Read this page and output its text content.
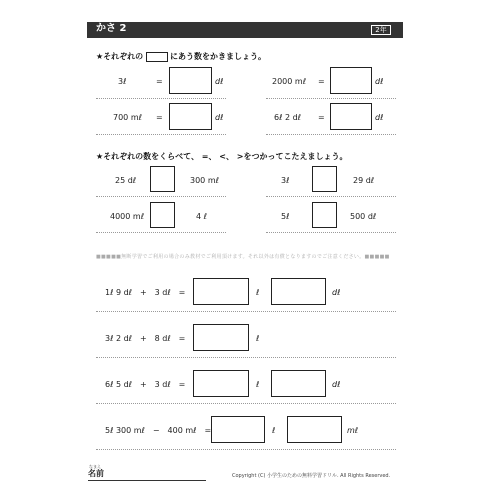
かさ 2	2年
★それぞれの	にあう数をかきましょう。
3ℓ	=	dℓ	2000 mℓ =	dℓ
700 mℓ =	dℓ	6ℓ 2 dℓ =	dℓ
★それぞれの数をくらべて、 =、 <、 >をつかってこたえましょう。
25 dℓ	300 mℓ	3ℓ	29 dℓ
4000 mℓ	4 ℓ	5ℓ	500 dℓ
■■■■■無断学習でご利用の場合のみ教材でご利用頂けます。それ以外は有償となりますのでご注意ください。■■■■■
1ℓ 9 dℓ　+　3 dℓ　=	ℓ	dℓ
3ℓ 2 dℓ　+　8 dℓ　=	ℓ
6ℓ 5 dℓ　+　3 dℓ　=	ℓ	dℓ
5ℓ 300 mℓ　−　400 mℓ　=	ℓ	mℓ
なまえ
名前	Copyright (C) 小学生のための無料学習ドリル. All Rights Reserved.
